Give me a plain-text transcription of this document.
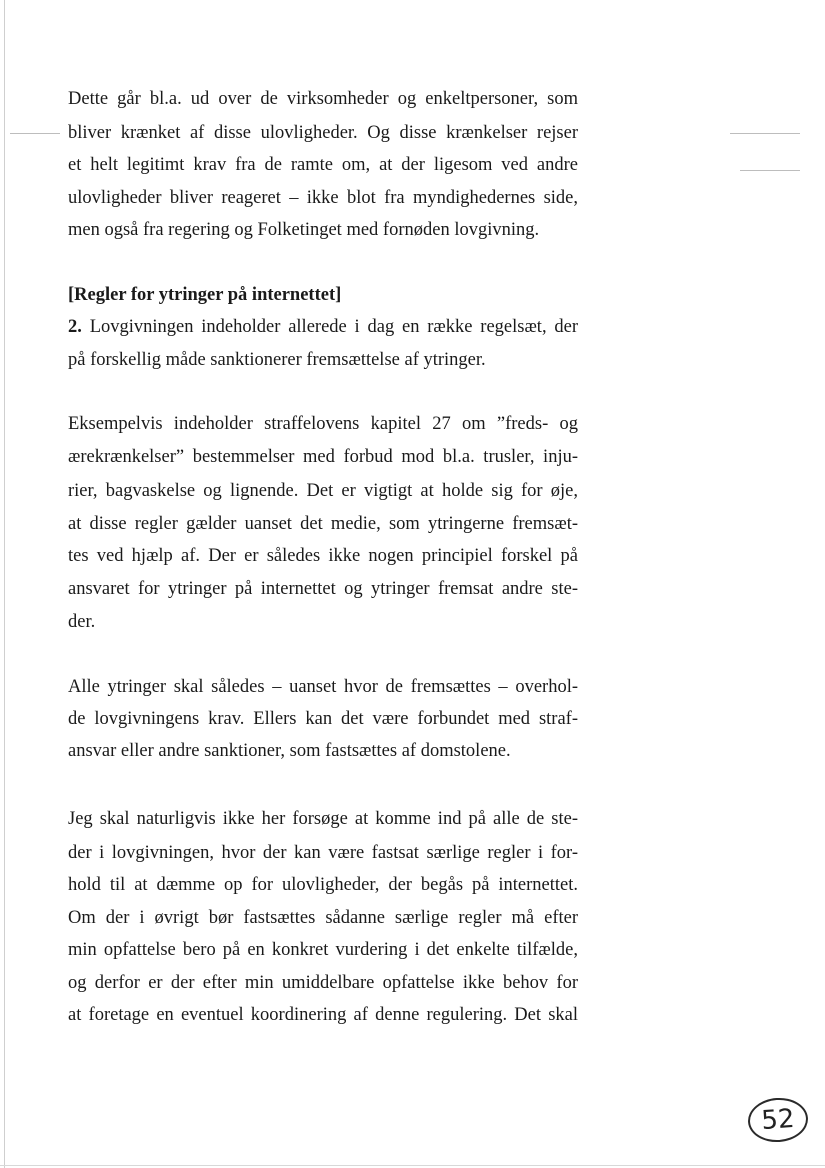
Dette går bl.a. ud over de virksomheder og enkeltpersoner, som
bliver krænket af disse ulovligheder. Og disse krænkelser rejser
et helt legitimt krav fra de ramte om, at der ligesom ved andre
ulovligheder bliver reageret – ikke blot fra myndighedernes side,
men også fra regering og Folketinget med fornøden lovgivning.
[Regler for ytringer på internettet]
2. Lovgivningen indeholder allerede i dag en række regelsæt, der
på forskellig måde sanktionerer fremsættelse af ytringer.
Eksempelvis indeholder straffelovens kapitel 27 om ”freds- og
ærekrænkelser” bestemmelser med forbud mod bl.a. trusler, inju-
rier, bagvaskelse og lignende. Det er vigtigt at holde sig for øje,
at disse regler gælder uanset det medie, som ytringerne fremsæt-
tes ved hjælp af. Der er således ikke nogen principiel forskel på
ansvaret for ytringer på internettet og ytringer fremsat andre ste-
der.
Alle ytringer skal således – uanset hvor de fremsættes – overhol-
de lovgivningens krav. Ellers kan det være forbundet med straf-
ansvar eller andre sanktioner, som fastsættes af domstolene.
Jeg skal naturligvis ikke her forsøge at komme ind på alle de ste-
der i lovgivningen, hvor der kan være fastsat særlige regler i for-
hold til at dæmme op for ulovligheder, der begås på internettet.
Om der i øvrigt bør fastsættes sådanne særlige regler må efter
min opfattelse bero på en konkret vurdering i det enkelte tilfælde,
og derfor er der efter min umiddelbare opfattelse ikke behov for
at foretage en eventuel koordinering af denne regulering. Det skal
52
